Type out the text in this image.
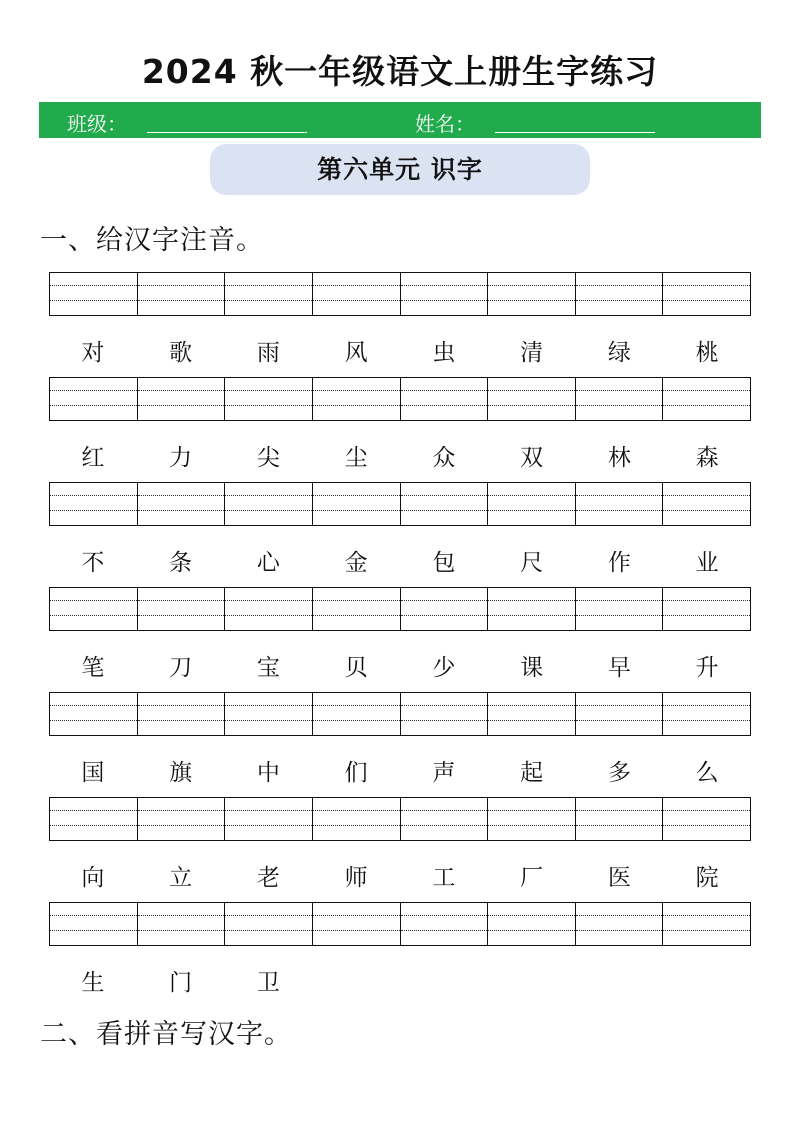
2024 秋一年级语文上册生字练习
班级：	姓名：
第六单元 识字
一、给汉字注音。
对	歌	雨	风	虫	清	绿	桃
红	力	尖	尘	众	双	林	森
不	条	心	金	包	尺	作	业
笔	刀	宝	贝	少	课	早	升
国	旗	中	们	声	起	多	么
向	立	老	师	工	厂	医	院
生	门	卫
二、看拼音写汉字。
